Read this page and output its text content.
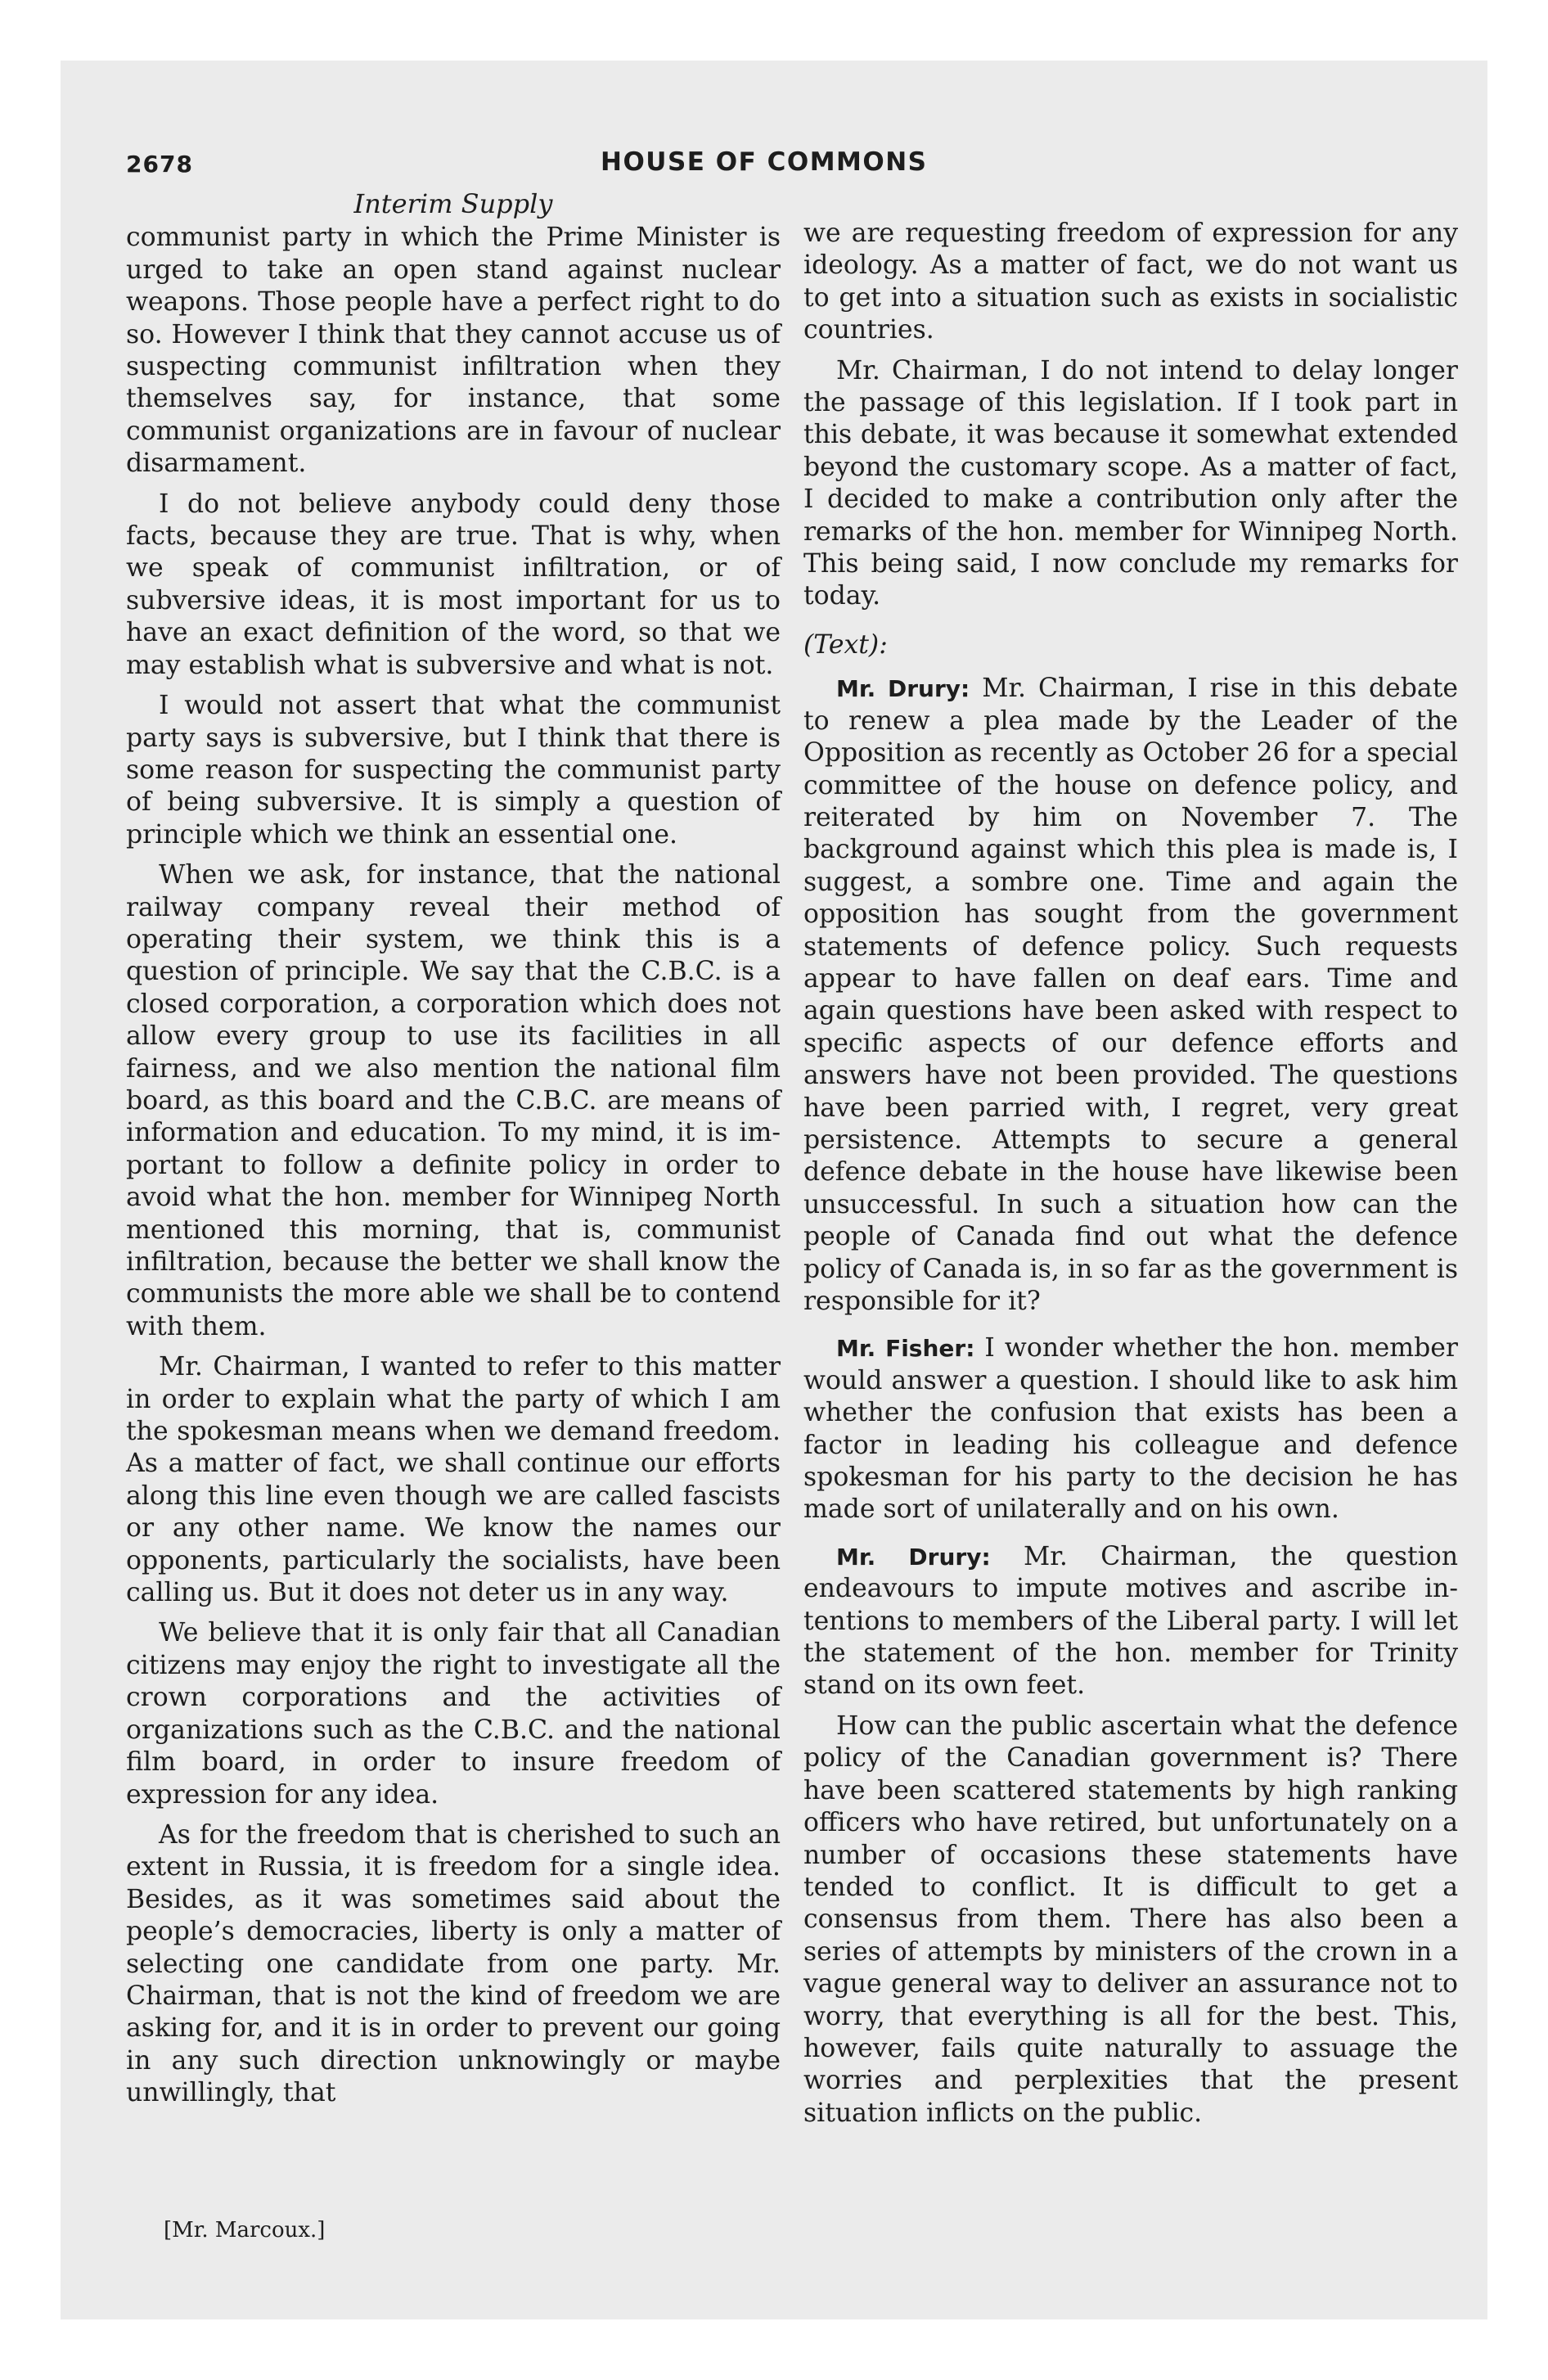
2678	HOUSE OF COMMONS
Interim Supply

communist party in which the Prime Minister is urged to take an open stand against nuclear weapons. Those people have a perfect right to do so. However I think that they cannot accuse us of suspecting communist infiltration when they themselves say, for instance, that some communist organizations are in favour of nuclear disarmament.

I do not believe anybody could deny those facts, because they are true. That is why, when we speak of communist infiltration, or of subversive ideas, it is most important for us to have an exact definition of the word, so that we may establish what is subversive and what is not.

I would not assert that what the communist party says is subversive, but I think that there is some reason for suspecting the communist party of being subversive. It is simply a question of principle which we think an essential one.

When we ask, for instance, that the national railway company reveal their method of operating their system, we think this is a question of principle. We say that the C.B.C. is a closed corporation, a corporation which does not allow every group to use its facilities in all fairness, and we also mention the national film board, as this board and the C.B.C. are means of information and education. To my mind, it is important to follow a definite policy in order to avoid what the hon. member for Winnipeg North mentioned this morning, that is, communist infiltration, because the better we shall know the communists the more able we shall be to contend with them.

Mr. Chairman, I wanted to refer to this matter in order to explain what the party of which I am the spokesman means when we demand freedom. As a matter of fact, we shall continue our efforts along this line even though we are called fascists or any other name. We know the names our opponents, particularly the socialists, have been calling us. But it does not deter us in any way.

We believe that it is only fair that all Canadian citizens may enjoy the right to investigate all the crown corporations and the activities of organizations such as the C.B.C. and the national film board, in order to insure freedom of expression for any idea.

As for the freedom that is cherished to such an extent in Russia, it is freedom for a single idea. Besides, as it was sometimes said about the people’s democracies, liberty is only a matter of selecting one candidate from one party. Mr. Chairman, that is not the kind of freedom we are asking for, and it is in order to prevent our going in any such direction unknowingly or maybe unwillingly, that

we are requesting freedom of expression for any ideology. As a matter of fact, we do not want us to get into a situation such as exists in socialistic countries.

Mr. Chairman, I do not intend to delay longer the passage of this legislation. If I took part in this debate, it was because it somewhat extended beyond the customary scope. As a matter of fact, I decided to make a contribution only after the remarks of the hon. member for Winnipeg North. This being said, I now conclude my remarks for today.

(Text):

Mr. Drury: Mr. Chairman, I rise in this debate to renew a plea made by the Leader of the Opposition as recently as October 26 for a special committee of the house on defence policy, and reiterated by him on November 7. The background against which this plea is made is, I suggest, a sombre one. Time and again the opposition has sought from the government statements of defence policy. Such requests appear to have fallen on deaf ears. Time and again questions have been asked with respect to specific aspects of our defence efforts and answers have not been provided. The questions have been parried with, I regret, very great persistence. Attempts to secure a general defence debate in the house have likewise been unsuccessful. In such a situation how can the people of Canada find out what the defence policy of Canada is, in so far as the government is responsible for it?

Mr. Fisher: I wonder whether the hon. member would answer a question. I should like to ask him whether the confusion that exists has been a factor in leading his colleague and defence spokesman for his party to the decision he has made sort of unilaterally and on his own.

Mr. Drury: Mr. Chairman, the question endeavours to impute motives and ascribe intentions to members of the Liberal party. I will let the statement of the hon. member for Trinity stand on its own feet.

How can the public ascertain what the defence policy of the Canadian government is? There have been scattered statements by high ranking officers who have retired, but unfortunately on a number of occasions these statements have tended to conflict. It is difficult to get a consensus from them. There has also been a series of attempts by ministers of the crown in a vague general way to deliver an assurance not to worry, that everything is all for the best. This, however, fails quite naturally to assuage the worries and perplexities that the present situation inflicts on the public.

[Mr. Marcoux.]
